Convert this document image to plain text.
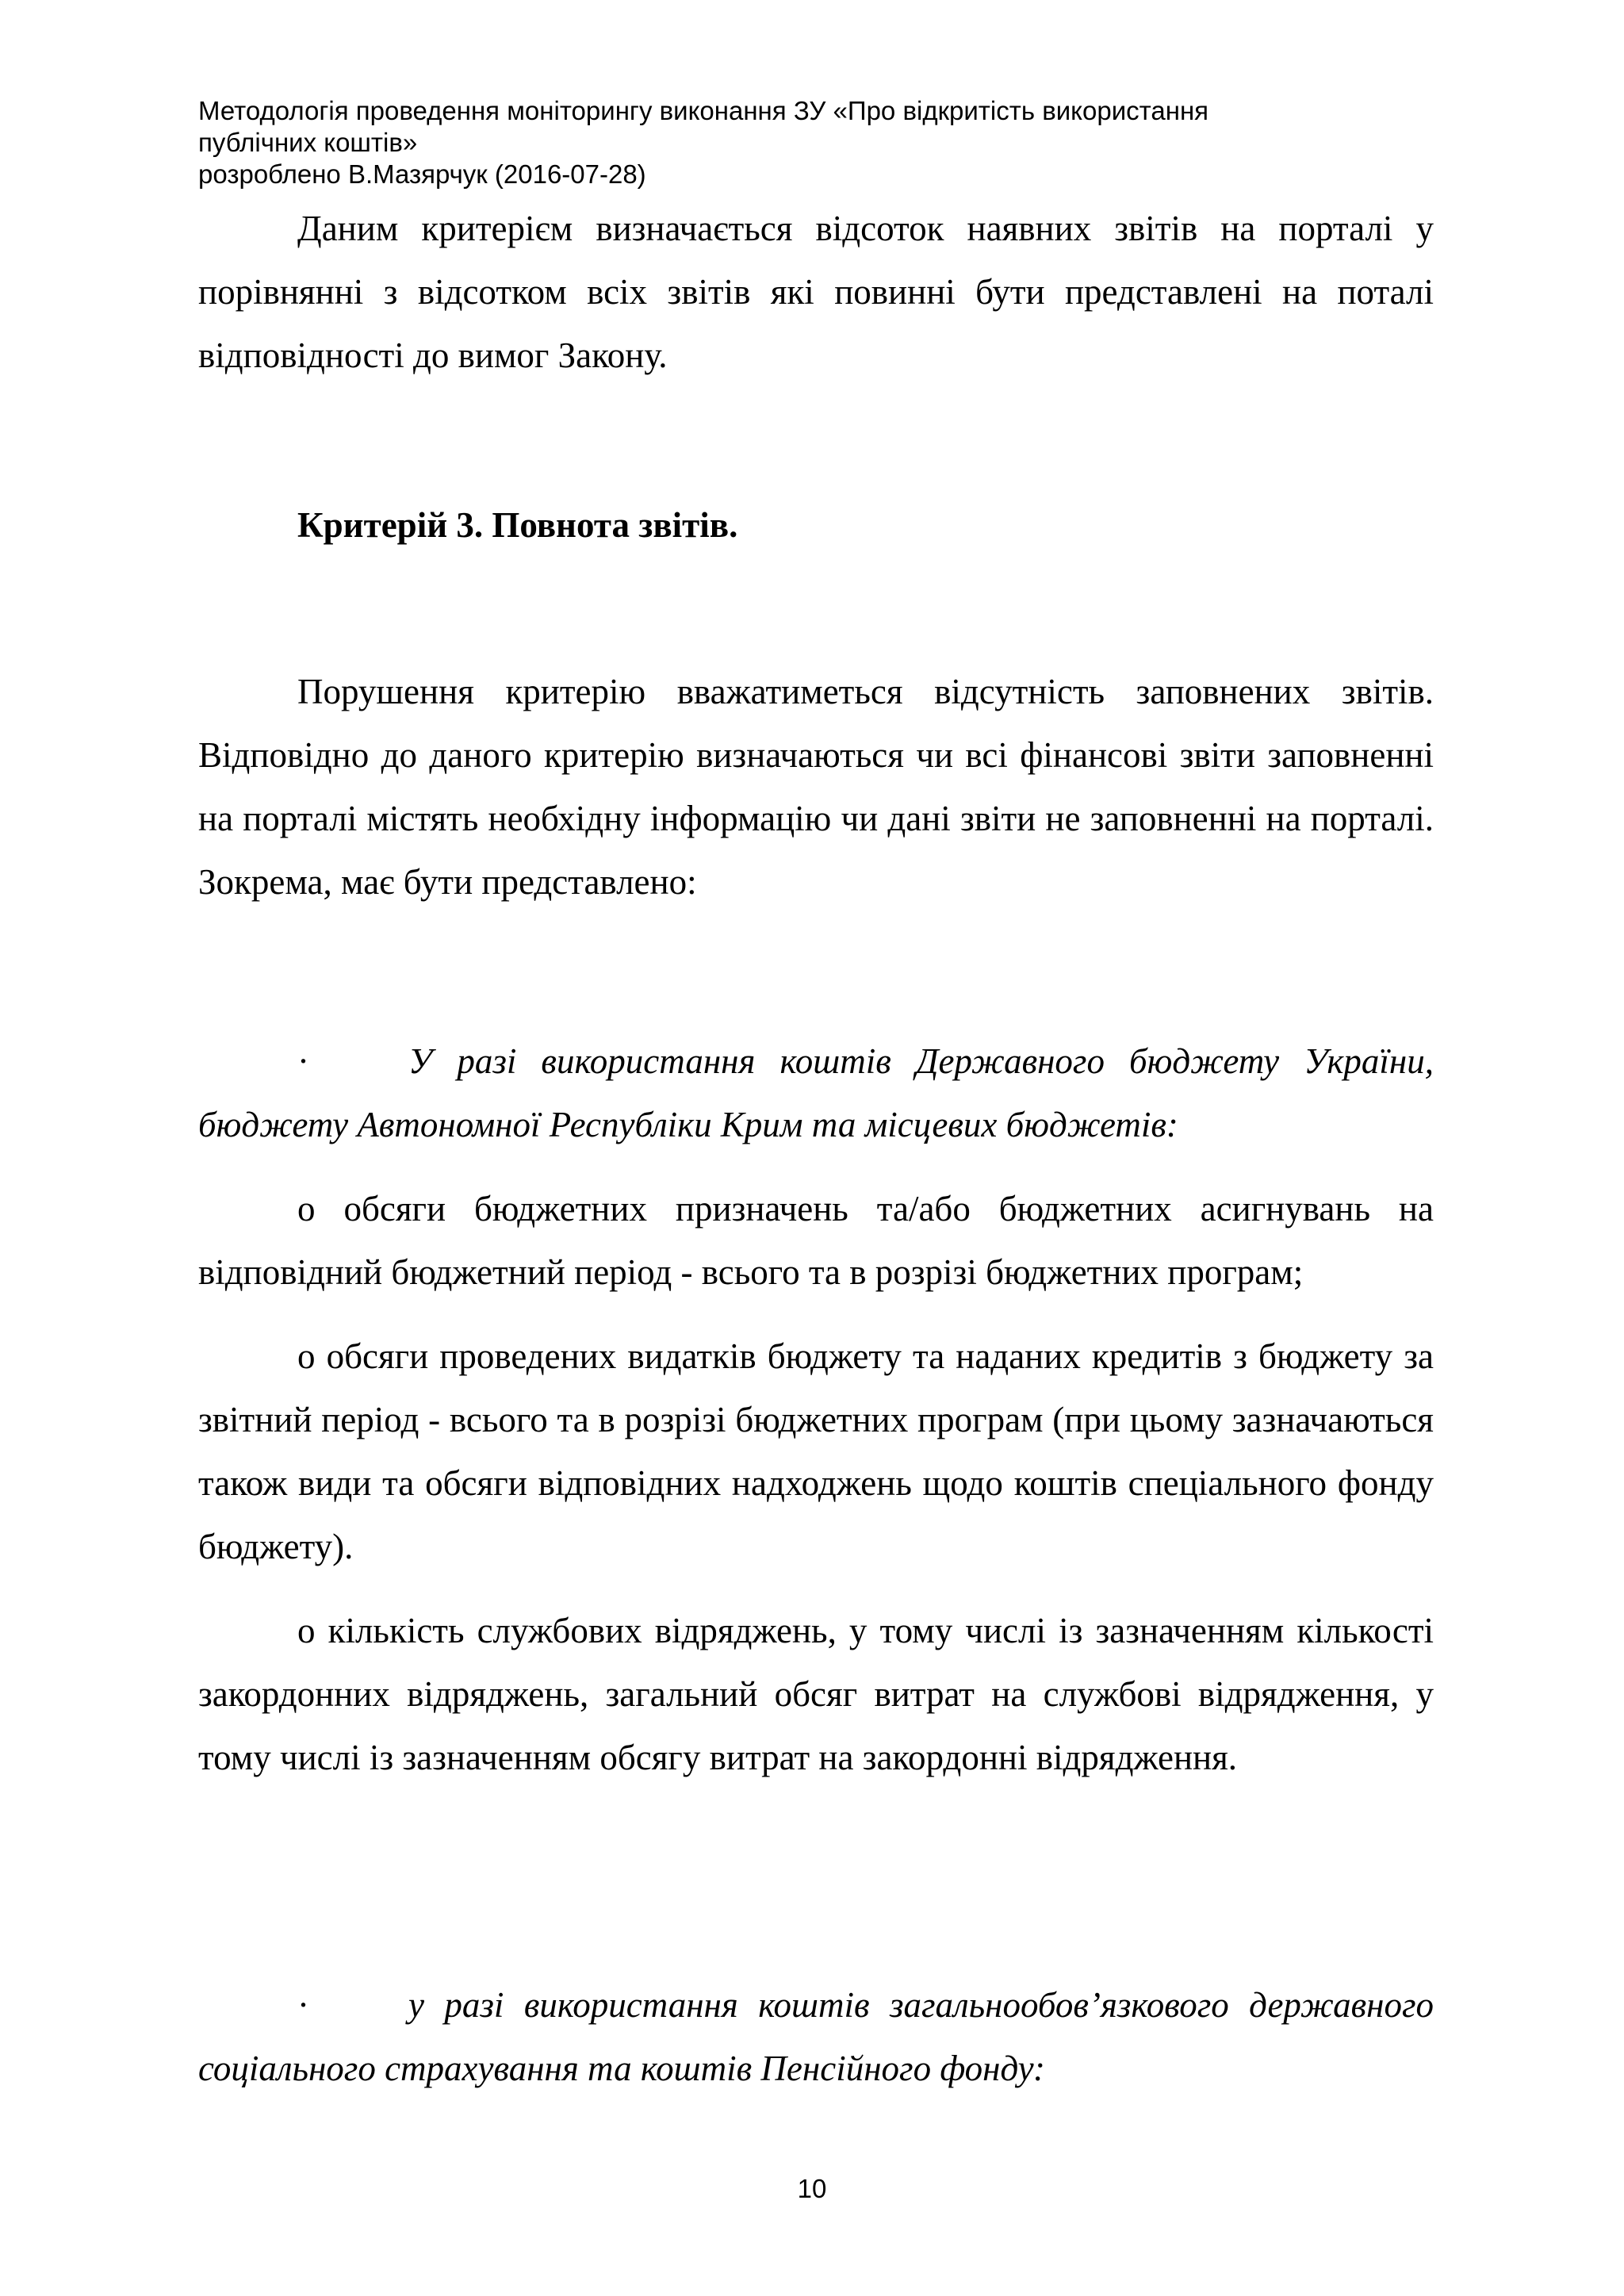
Методологія проведення моніторингу виконання ЗУ «Про відкритість використання
публічних коштів»
розроблено В.Мазярчук (2016-07-28)
Даним критерієм визначається відсоток наявних звітів на порталі у порівнянні з відсотком всіх звітів які повинні бути представлені на поталі відповідності до вимог Закону.
Критерій 3. Повнота звітів.
Порушення критерію вважатиметься відсутність заповнених звітів. Відповідно до даного критерію визначаються чи всі фінансові звіти заповненні на порталі містять необхідну інформацію чи дані звіти не заповненні на порталі. Зокрема, має бути представлено:
·	У разі використання коштів Державного бюджету України, бюджету Автономної Республіки Крим та місцевих бюджетів:
о обсяги бюджетних призначень та/або бюджетних асигнувань на відповідний бюджетний період - всього та в розрізі бюджетних програм;
о обсяги проведених видатків бюджету та наданих кредитів з бюджету за звітний період - всього та в розрізі бюджетних програм (при цьому зазначаються також види та обсяги відповідних надходжень щодо коштів спеціального фонду бюджету).
о кількість службових відряджень, у тому числі із зазначенням кількості закордонних відряджень, загальний обсяг витрат на службові відрядження, у тому числі із зазначенням обсягу витрат на закордонні відрядження.
·	у разі використання коштів загальнообов’язкового державного соціального страхування та коштів Пенсійного фонду:
10
